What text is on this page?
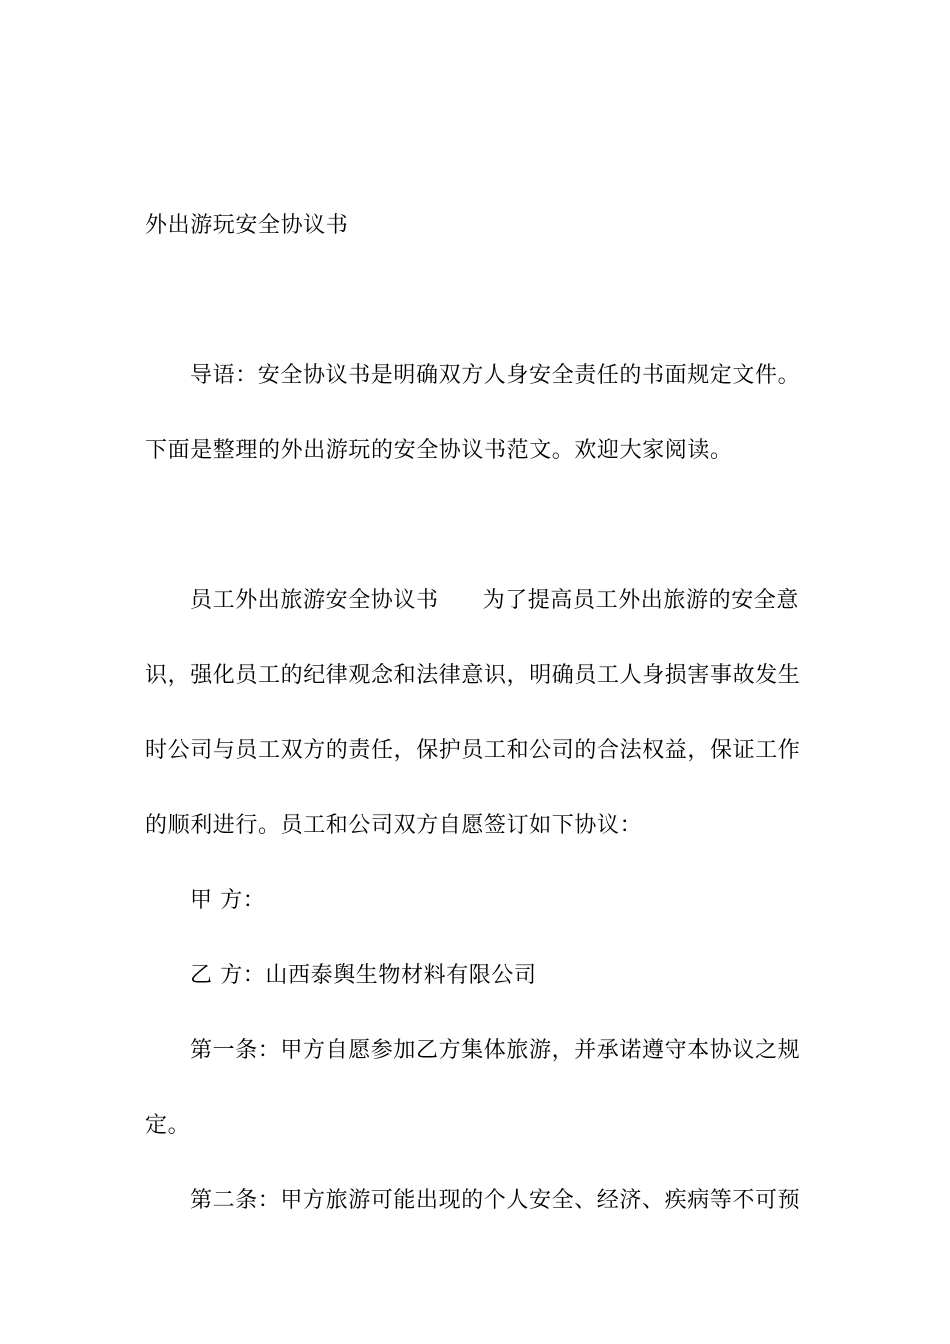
外出游玩安全协议书
导语：安全协议书是明确双方人身安全责任的书面规定文件。
下面是整理的外出游玩的安全协议书范文。欢迎大家阅读。
员工外出旅游安全协议书 为了提高员工外出旅游的安全意
识，强化员工的纪律观念和法律意识，明确员工人身损害事故发生
时公司与员工双方的责任，保护员工和公司的合法权益，保证工作
的顺利进行。员工和公司双方自愿签订如下协议：
甲 方：
乙 方：山西泰舆生物材料有限公司
第一条：甲方自愿参加乙方集体旅游，并承诺遵守本协议之规
定。
第二条：甲方旅游可能出现的个人安全、经济、疾病等不可预
